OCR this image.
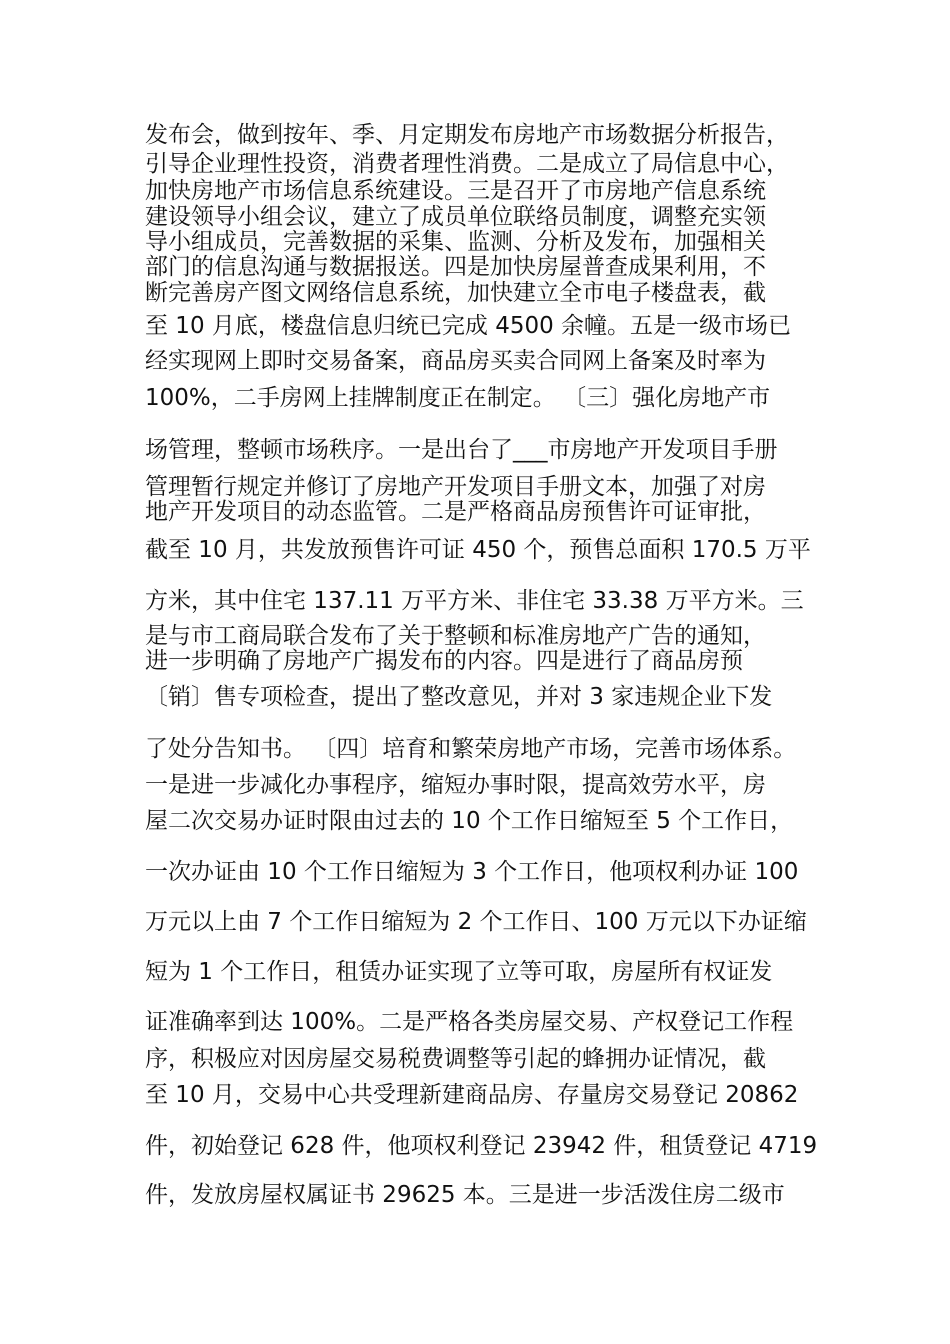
发布会，做到按年、季、月定期发布房地产市场数据分析报告，
引导企业理性投资，消费者理性消费。二是成立了局信息中心，
加快房地产市场信息系统建设。三是召开了市房地产信息系统
建设领导小组会议，建立了成员单位联络员制度，调整充实领
导小组成员，完善数据的采集、监测、分析及发布，加强相关
部门的信息沟通与数据报送。四是加快房屋普查成果利用，不
断完善房产图文网络信息系统，加快建立全市电子楼盘表，截
至 10 月底，楼盘信息归统已完成 4500 余幢。五是一级市场已
经实现网上即时交易备案，商品房买卖合同网上备案及时率为
100%，二手房网上挂牌制度正在制定。 〔三〕强化房地产市
场管理，整顿市场秩序。一是出台了___市房地产开发项目手册
管理暂行规定并修订了房地产开发项目手册文本，加强了对房
地产开发项目的动态监管。二是严格商品房预售许可证审批，
截至 10 月，共发放预售许可证 450 个，预售总面积 170.5 万平
方米，其中住宅 137.11 万平方米、非住宅 33.38 万平方米。三
是与市工商局联合发布了关于整顿和标准房地产广告的通知，
进一步明确了房地产广揭发布的内容。四是进行了商品房预
〔销〕售专项检查，提出了整改意见，并对 3 家违规企业下发
了处分告知书。 〔四〕培育和繁荣房地产市场，完善市场体系。
一是进一步减化办事程序，缩短办事时限，提高效劳水平，房
屋二次交易办证时限由过去的 10 个工作日缩短至 5 个工作日，
一次办证由 10 个工作日缩短为 3 个工作日，他项权利办证 100
万元以上由 7 个工作日缩短为 2 个工作日、100 万元以下办证缩
短为 1 个工作日，租赁办证实现了立等可取，房屋所有权证发
证准确率到达 100%。二是严格各类房屋交易、产权登记工作程
序，积极应对因房屋交易税费调整等引起的蜂拥办证情况，截
至 10 月，交易中心共受理新建商品房、存量房交易登记 20862
件，初始登记 628 件，他项权利登记 23942 件，租赁登记 4719
件，发放房屋权属证书 29625 本。三是进一步活泼住房二级市
